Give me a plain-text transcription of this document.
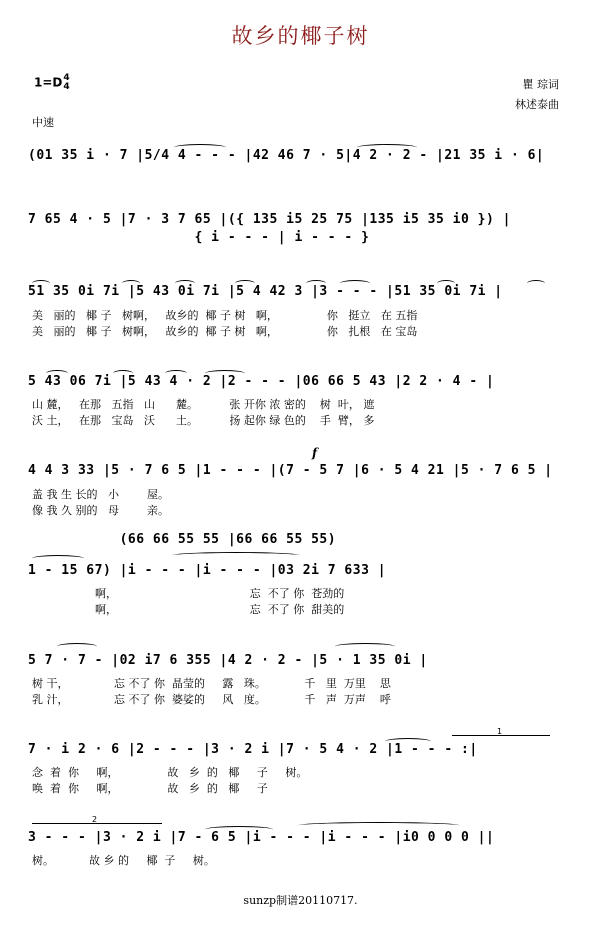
故乡的椰子树
1=D 4
4	瞿 琮词
林述泰曲
中速
(01 35 i · 7 |5/4 4 - - - |42 46 7 · 5|4 2 · 2 - |21 35 i · 6|
7 65 4 · 5 |7 · 3 7 65 |({ 135 i5 25 75 |135 i5 35 i0 }) |
{ i - - - | i - - - }
51 35 0i 7i |5 43 0i 7i |5 4 42 3 |3 - - - |51 35 0i 7i |
美   丽的   椰 子   树啊，   故乡的  椰 子 树   啊，              你   挺立   在 五指
美   丽的   椰 子   树啊，   故乡的  椰 子 树   啊，              你   扎根   在 宝岛
5 43 06 7i |5 43 4 · 2 |2 - - - |06 66 5 43 |2 2 · 4 - |
山 麓，   在那   五指   山      麓。         张 开你 浓 密的    树  叶， 遮
沃 土，   在那   宝岛   沃      土。         扬 起你 绿 色的    手  臂， 多
f
4 4 3 33 |5 · 7 6 5 |1 - - - |(7 - 5 7 |6 · 5 4 21 |5 · 7 6 5 |
盖 我 生 长的   小        屋。
像 我 久 别的   母        亲。
(66 66 55 55 |66 66 55 55)
1 - 15 67) |i - - - |i - - - |03 2i 7 633 |
啊，                                      忘  不了 你  苍劲的
啊，                                      忘  不了 你  甜美的
5 7 · 7 - |02 i7 6 355 |4 2 · 2 - |5 · 1 35 0i |
树 干，             忘 不了 你  晶莹的     露   珠。           千   里  万里    思
乳 汁，             忘 不了 你  婆娑的     风   度。           千   声  万声    呼
1
7 · i 2 · 6 |2 - - - |3 · 2 i |7 · 5 4 · 2 |1 - - - :|
念  着  你     啊，              故   乡  的   椰     子     树。
唤  着  你     啊，              故   乡  的   椰     子
2
3 - - - |3 · 2 i |7 - 6 5 |i - - - |i - - - |i0 0 0 0 ||
树。          故 乡 的     椰  子     树。
sunzp制谱20110717.
